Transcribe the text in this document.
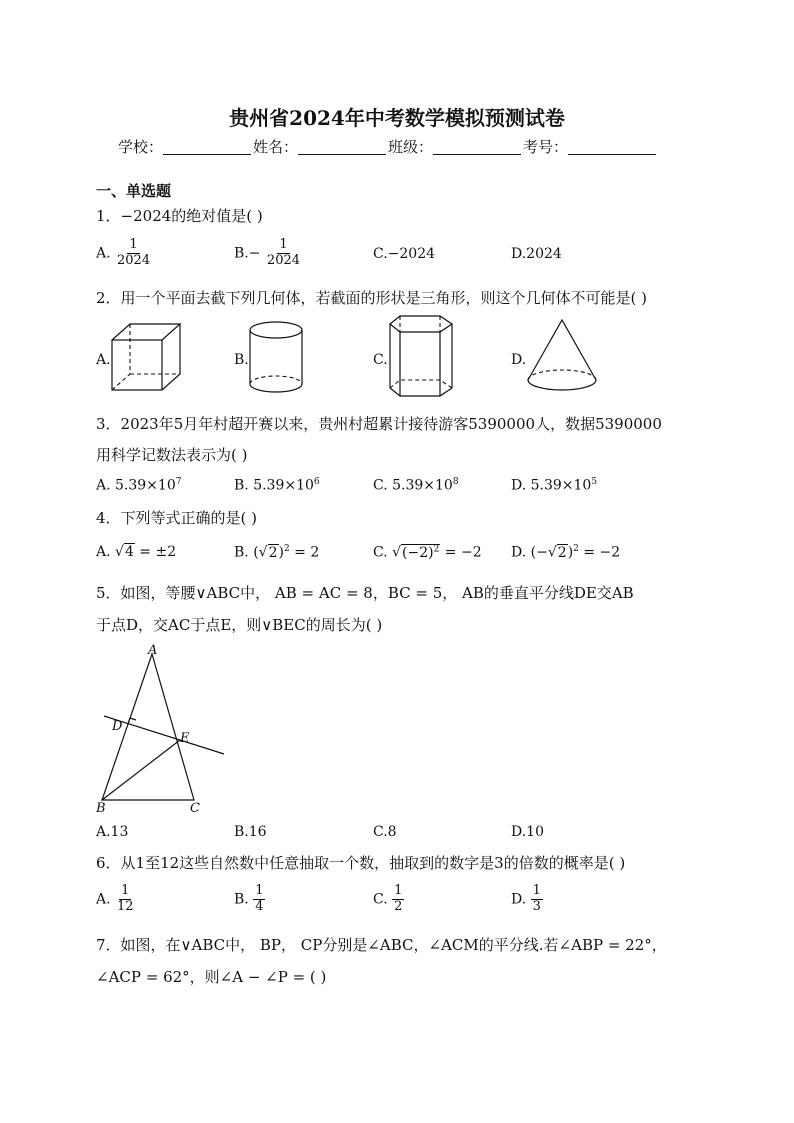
贵州省2024年中考数学模拟预测试卷
学校：	姓名：	班级：	考号：
一、单选题
1．−2024的绝对值是( )
A. $\frac{1}{2024}$	$B.- \frac{1}{2024}$	C.−2024	D.2024
2．用一个平面去截下列几何体，若截面的形状是三角形，则这个几何体不可能是( )
A.	B.	C.	D.
3．2023年5月年村超开赛以来，贵州村超累计接待游客5390000人，数据5390000
用科学记数法表示为( )
A. $5.39\times 10^7$	B. $5.39\times 10^6$	C. $5.39\times 10^8$	D. $5.39\times 10^5$
4．下列等式正确的是( )
A. √4 = ±2	B. $(√2)^2 = 2$	C. $√(-2)^2 = -2$ D. $(-√2)^2 = -2$
5．如图，等腰∨ABC中， AB = AC = 8，BC = 5， AB的垂直平分线DE交AB
于点D，交AC于点E，则∨BEC的周长为( )
A
B	C
D
E
A.13	B.16	C.8	D.10
6．从1至12这些自然数中任意抽取一个数，抽取到的数字是3的倍数的概率是( )
A. $\frac{1}{12}$	B. $\frac{1}{4}$	C. $\frac{1}{2}$	D. $\frac{1}{3}$
7．如图，在∨ABC中， BP， CP分别是∠ABC，∠ACM的平分线.若∠ABP = 22°，
∠ACP = 62°，则∠A − ∠P = ( )
